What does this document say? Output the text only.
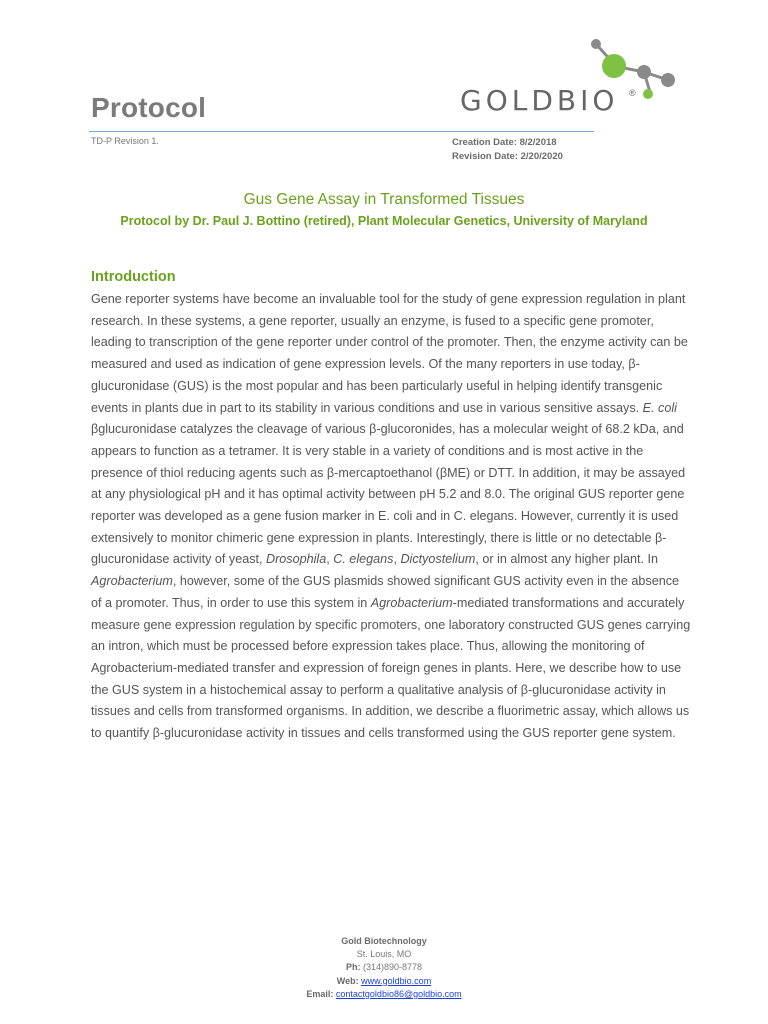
Protocol	GOLDBIO ®
TD-P Revision 1.	Creation Date: 8/2/2018
Revision Date: 2/20/2020
Gus Gene Assay in Transformed Tissues
Protocol by Dr. Paul J. Bottino (retired), Plant Molecular Genetics, University of Maryland
Introduction

Gene reporter systems have become an invaluable tool for the study of gene expression regulation in plant research. In these systems, a gene reporter, usually an enzyme, is fused to a specific gene promoter, leading to transcription of the gene reporter under control of the promoter. Then, the enzyme activity can be measured and used as indication of gene expression levels. Of the many reporters in use today, β-glucuronidase (GUS) is the most popular and has been particularly useful in helping identify transgenic events in plants due in part to its stability in various conditions and use in various sensitive assays. E. coli βglucuronidase catalyzes the cleavage of various β-glucoronides, has a molecular weight of 68.2 kDa, and appears to function as a tetramer. It is very stable in a variety of conditions and is most active in the presence of thiol reducing agents such as β-mercaptoethanol (βME) or DTT. In addition, it may be assayed at any physiological pH and it has optimal activity between pH 5.2 and 8.0. The original GUS reporter gene reporter was developed as a gene fusion marker in E. coli and in C. elegans. However, currently it is used extensively to monitor chimeric gene expression in plants. Interestingly, there is little or no detectable β-glucuronidase activity of yeast, Drosophila, C. elegans, Dictyostelium, or in almost any higher plant. In Agrobacterium, however, some of the GUS plasmids showed significant GUS activity even in the absence of a promoter. Thus, in order to use this system in Agrobacterium-mediated transformations and accurately measure gene expression regulation by specific promoters, one laboratory constructed GUS genes carrying an intron, which must be processed before expression takes place. Thus, allowing the monitoring of Agrobacterium-mediated transfer and expression of foreign genes in plants. Here, we describe how to use the GUS system in a histochemical assay to perform a qualitative analysis of β-glucuronidase activity in tissues and cells from transformed organisms. In addition, we describe a fluorimetric assay, which allows us to quantify β-glucuronidase activity in tissues and cells transformed using the GUS reporter gene system.

Gold Biotechnology
St. Louis, MO
Ph: (314)890-8778
Web: www.goldbio.com
Email: contactgoldbio86@goldbio.com
